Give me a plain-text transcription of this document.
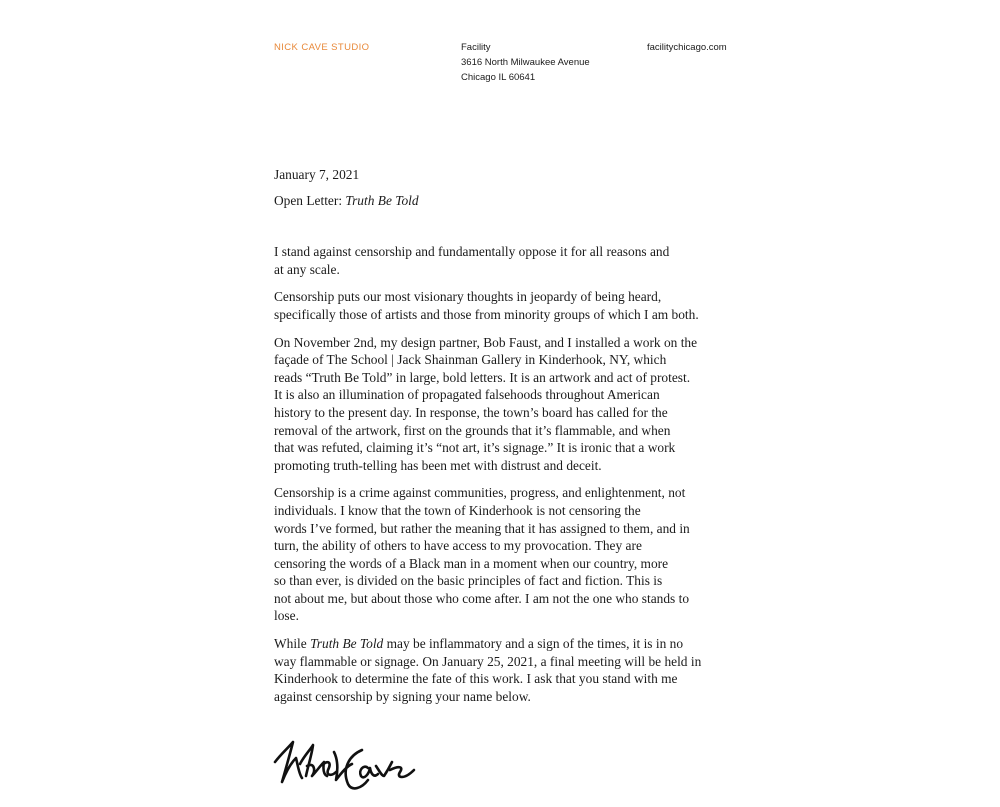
NICK CAVE STUDIO	Facility
3616 North Milwaukee Avenue
Chicago IL 60641
facilitychicago.com

January 7, 2021

Open Letter: Truth Be Told

I stand against censorship and fundamentally oppose it for all reasons and
at any scale.

Censorship puts our most visionary thoughts in jeopardy of being heard,
specifically those of artists and those from minority groups of which I am both.

On November 2nd, my design partner, Bob Faust, and I installed a work on the
façade of The School | Jack Shainman Gallery in Kinderhook, NY, which
reads “Truth Be Told” in large, bold letters. It is an artwork and act of protest.
It is also an illumination of propagated falsehoods throughout American
history to the present day. In response, the town’s board has called for the
removal of the artwork, first on the grounds that it’s flammable, and when
that was refuted, claiming it’s “not art, it’s signage.” It is ironic that a work
promoting truth-telling has been met with distrust and deceit.

Censorship is a crime against communities, progress, and enlightenment, not
individuals. I know that the town of Kinderhook is not censoring the
words I’ve formed, but rather the meaning that it has assigned to them, and in
turn, the ability of others to have access to my provocation. They are
censoring the words of a Black man in a moment when our country, more
so than ever, is divided on the basic principles of fact and fiction. This is
not about me, but about those who come after. I am not the one who stands to
lose.

While Truth Be Told may be inflammatory and a sign of the times, it is in no
way flammable or signage. On January 25, 2021, a final meeting will be held in
Kinderhook to determine the fate of this work. I ask that you stand with me
against censorship by signing your name below.
